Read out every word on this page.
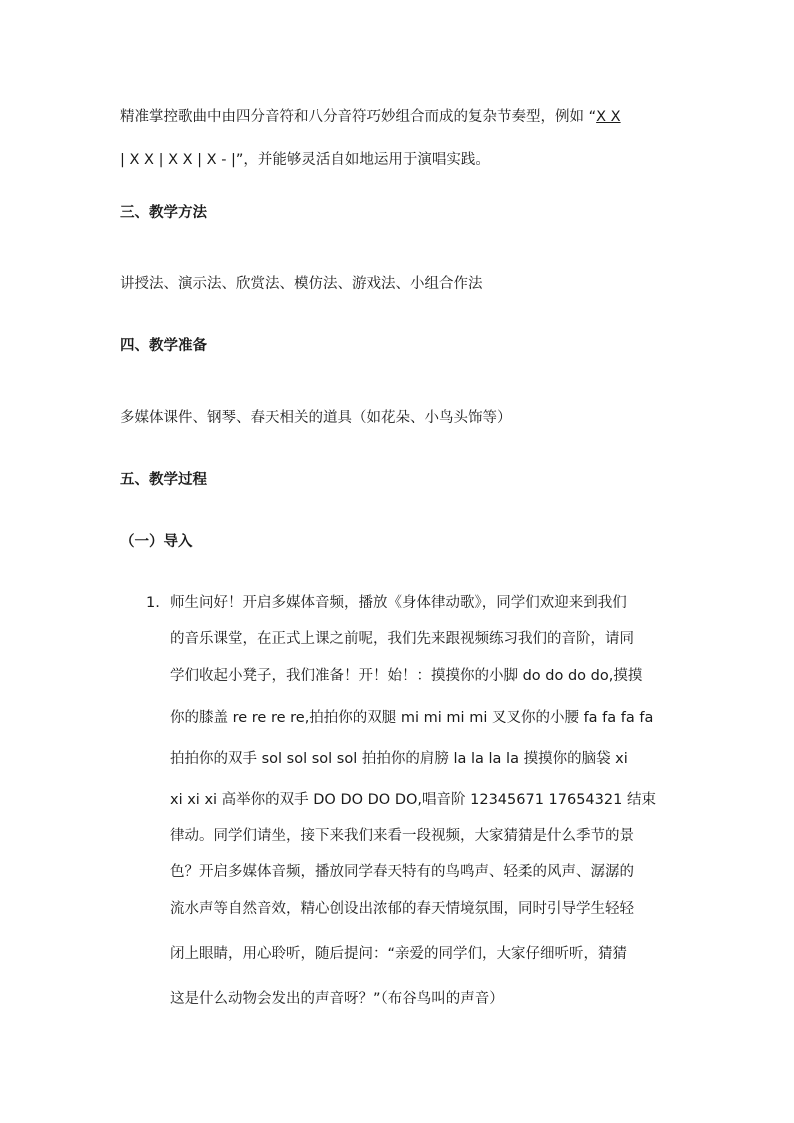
精准掌控歌曲中由四分音符和八分音符巧妙组合而成的复杂节奏型，例如 “X X
| X X | X X | X - |”，并能够灵活自如地运用于演唱实践。
三、教学方法
讲授法、演示法、欣赏法、模仿法、游戏法、小组合作法
四、教学准备
多媒体课件、钢琴、春天相关的道具（如花朵、小鸟头饰等）
五、教学过程
（一）导入
1. 师生问好！开启多媒体音频，播放《身体律动歌》，同学们欢迎来到我们
的音乐课堂，在正式上课之前呢，我们先来跟视频练习我们的音阶，请同
学们收起小凳子，我们准备！开！始！：摸摸你的小脚 do do do do,摸摸
你的膝盖 re re re re,拍拍你的双腿 mi mi mi mi 叉叉你的小腰 fa fa fa fa
拍拍你的双手 sol sol sol sol 拍拍你的肩膀 la la la la 摸摸你的脑袋 xi
xi xi xi 高举你的双手 DO DO DO DO,唱音阶 12345671 17654321 结束
律动。同学们请坐，接下来我们来看一段视频，大家猜猜是什么季节的景
色？开启多媒体音频，播放同学春天特有的鸟鸣声、轻柔的风声、潺潺的
流水声等自然音效，精心创设出浓郁的春天情境氛围，同时引导学生轻轻
闭上眼睛，用心聆听，随后提问：“亲爱的同学们，大家仔细听听，猜猜
这是什么动物会发出的声音呀？”（布谷鸟叫的声音）
